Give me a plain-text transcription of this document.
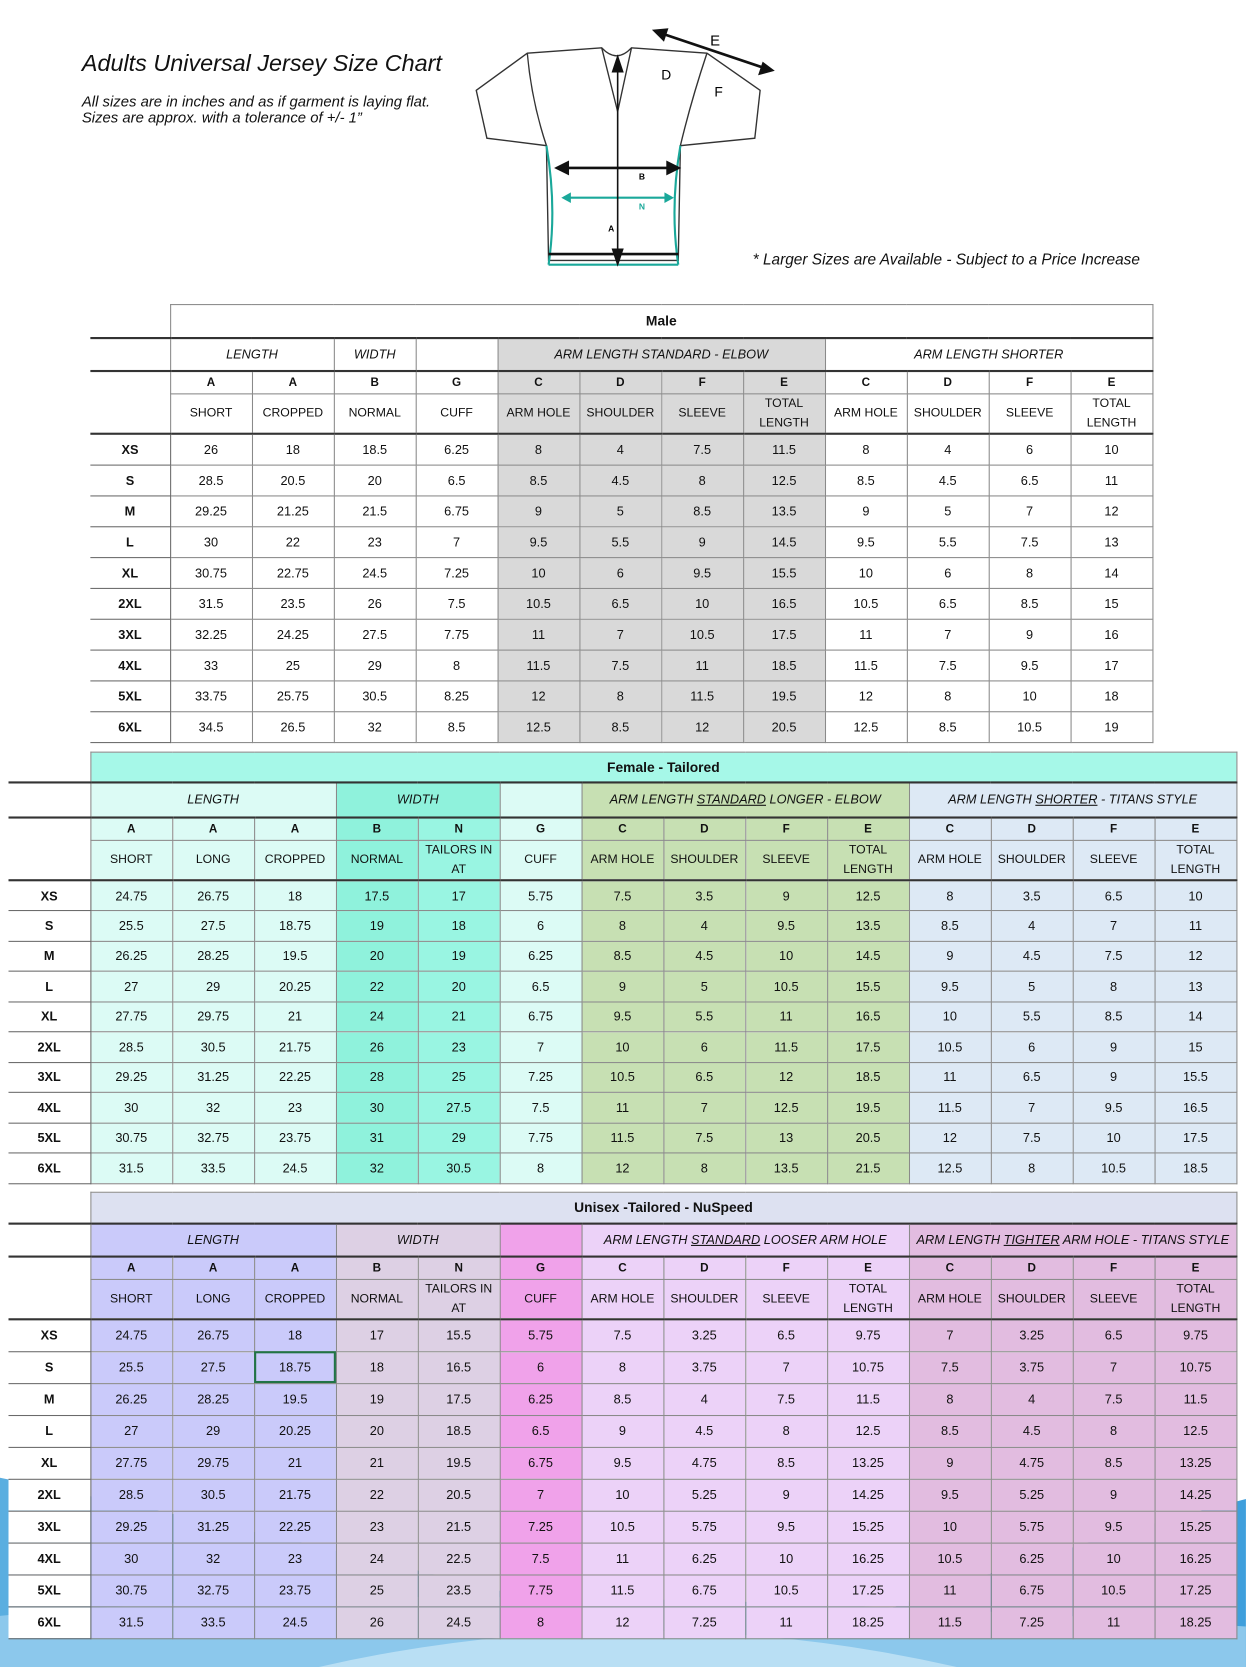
Adults Universal Jersey Size Chart
All sizes are in inches and as if garment is laying flat.
Sizes are approx. with a tolerance of +/- 1”
* Larger Sizes are Available - Subject to a Price Increase
E
D
F
B
N
A
	Male											
	LENGTH		WIDTH		ARM LENGTH STANDARD - ELBOW				ARM LENGTH SHORTER			
	A	A	B	G	C	D	F	E	C	D	F	E
	SHORT	CROPPED	NORMAL	CUFF	ARM HOLE	SHOULDER	SLEEVE	TOTAL LENGTH	ARM HOLE	SHOULDER	SLEEVE	TOTAL LENGTH
XS	26	18	18.5	6.25	8	4	7.5	11.5	8	4	6	10
S	28.5	20.5	20	6.5	8.5	4.5	8	12.5	8.5	4.5	6.5	11
M	29.25	21.25	21.5	6.75	9	5	8.5	13.5	9	5	7	12
L	30	22	23	7	9.5	5.5	9	14.5	9.5	5.5	7.5	13
XL	30.75	22.75	24.5	7.25	10	6	9.5	15.5	10	6	8	14
2XL	31.5	23.5	26	7.5	10.5	6.5	10	16.5	10.5	6.5	8.5	15
3XL	32.25	24.25	27.5	7.75	11	7	10.5	17.5	11	7	9	16
4XL	33	25	29	8	11.5	7.5	11	18.5	11.5	7.5	9.5	17
5XL	33.75	25.75	30.5	8.25	12	8	11.5	19.5	12	8	10	18
6XL	34.5	26.5	32	8.5	12.5	8.5	12	20.5	12.5	8.5	10.5	19
	Female - Tailored													
	LENGTH			WIDTH			ARM LENGTH STANDARD LONGER - ELBOW				ARM LENGTH SHORTER - TITANS STYLE			
	A	A	A	B	N	G	C	D	F	E	C	D	F	E
	SHORT	LONG	CROPPED	NORMAL	TAILORS IN AT	CUFF	ARM HOLE	SHOULDER	SLEEVE	TOTAL LENGTH	ARM HOLE	SHOULDER	SLEEVE	TOTAL LENGTH
XS	24.75	26.75	18	17.5	17	5.75	7.5	3.5	9	12.5	8	3.5	6.5	10
S	25.5	27.5	18.75	19	18	6	8	4	9.5	13.5	8.5	4	7	11
M	26.25	28.25	19.5	20	19	6.25	8.5	4.5	10	14.5	9	4.5	7.5	12
L	27	29	20.25	22	20	6.5	9	5	10.5	15.5	9.5	5	8	13
XL	27.75	29.75	21	24	21	6.75	9.5	5.5	11	16.5	10	5.5	8.5	14
2XL	28.5	30.5	21.75	26	23	7	10	6	11.5	17.5	10.5	6	9	15
3XL	29.25	31.25	22.25	28	25	7.25	10.5	6.5	12	18.5	11	6.5	9	15.5
4XL	30	32	23	30	27.5	7.5	11	7	12.5	19.5	11.5	7	9.5	16.5
5XL	30.75	32.75	23.75	31	29	7.75	11.5	7.5	13	20.5	12	7.5	10	17.5
6XL	31.5	33.5	24.5	32	30.5	8	12	8	13.5	21.5	12.5	8	10.5	18.5
	Unisex -Tailored - NuSpeed													
	LENGTH			WIDTH			ARM LENGTH STANDARD LOOSER ARM HOLE				ARM LENGTH TIGHTER ARM HOLE - TITANS STYLE			
	A	A	A	B	N	G	C	D	F	E	C	D	F	E
	SHORT	LONG	CROPPED	NORMAL	TAILORS IN AT	CUFF	ARM HOLE	SHOULDER	SLEEVE	TOTAL LENGTH	ARM HOLE	SHOULDER	SLEEVE	TOTAL LENGTH
XS	24.75	26.75	18	17	15.5	5.75	7.5	3.25	6.5	9.75	7	3.25	6.5	9.75
S	25.5	27.5	18.75	18	16.5	6	8	3.75	7	10.75	7.5	3.75	7	10.75
M	26.25	28.25	19.5	19	17.5	6.25	8.5	4	7.5	11.5	8	4	7.5	11.5
L	27	29	20.25	20	18.5	6.5	9	4.5	8	12.5	8.5	4.5	8	12.5
XL	27.75	29.75	21	21	19.5	6.75	9.5	4.75	8.5	13.25	9	4.75	8.5	13.25
2XL	28.5	30.5	21.75	22	20.5	7	10	5.25	9	14.25	9.5	5.25	9	14.25
3XL	29.25	31.25	22.25	23	21.5	7.25	10.5	5.75	9.5	15.25	10	5.75	9.5	15.25
4XL	30	32	23	24	22.5	7.5	11	6.25	10	16.25	10.5	6.25	10	16.25
5XL	30.75	32.75	23.75	25	23.5	7.75	11.5	6.75	10.5	17.25	11	6.75	10.5	17.25
6XL	31.5	33.5	24.5	26	24.5	8	12	7.25	11	18.25	11.5	7.25	11	18.25
